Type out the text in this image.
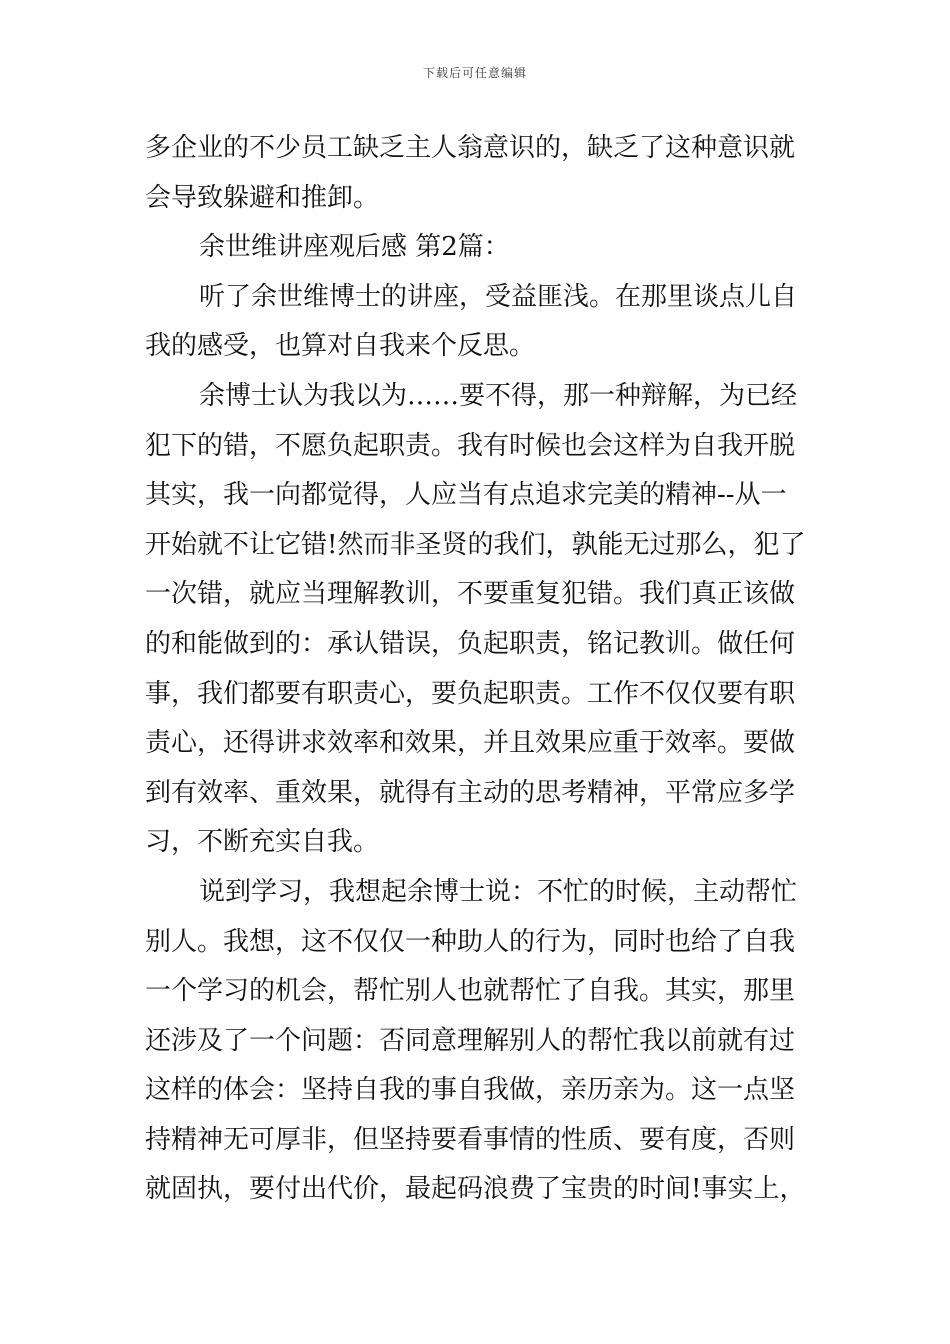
下载后可任意编辑
多企业的不少员工缺乏主人翁意识的，缺乏了这种意识就
会导致躲避和推卸。
余世维讲座观后感 第2篇：
听了余世维博士的讲座，受益匪浅。在那里谈点儿自
我的感受，也算对自我来个反思。
余博士认为我以为……要不得，那一种辩解，为已经
犯下的错，不愿负起职责。我有时候也会这样为自我开脱
其实，我一向都觉得，人应当有点追求完美的精神--从一
开始就不让它错!然而非圣贤的我们，孰能无过那么，犯了
一次错，就应当理解教训，不要重复犯错。我们真正该做
的和能做到的：承认错误，负起职责，铭记教训。做任何
事，我们都要有职责心，要负起职责。工作不仅仅要有职
责心，还得讲求效率和效果，并且效果应重于效率。要做
到有效率、重效果，就得有主动的思考精神，平常应多学
习，不断充实自我。
说到学习，我想起余博士说：不忙的时候，主动帮忙
别人。我想，这不仅仅一种助人的行为，同时也给了自我
一个学习的机会，帮忙别人也就帮忙了自我。其实，那里
还涉及了一个问题：否同意理解别人的帮忙我以前就有过
这样的体会：坚持自我的事自我做，亲历亲为。这一点坚
持精神无可厚非，但坚持要看事情的性质、要有度，否则
就固执，要付出代价，最起码浪费了宝贵的时间!事实上，
